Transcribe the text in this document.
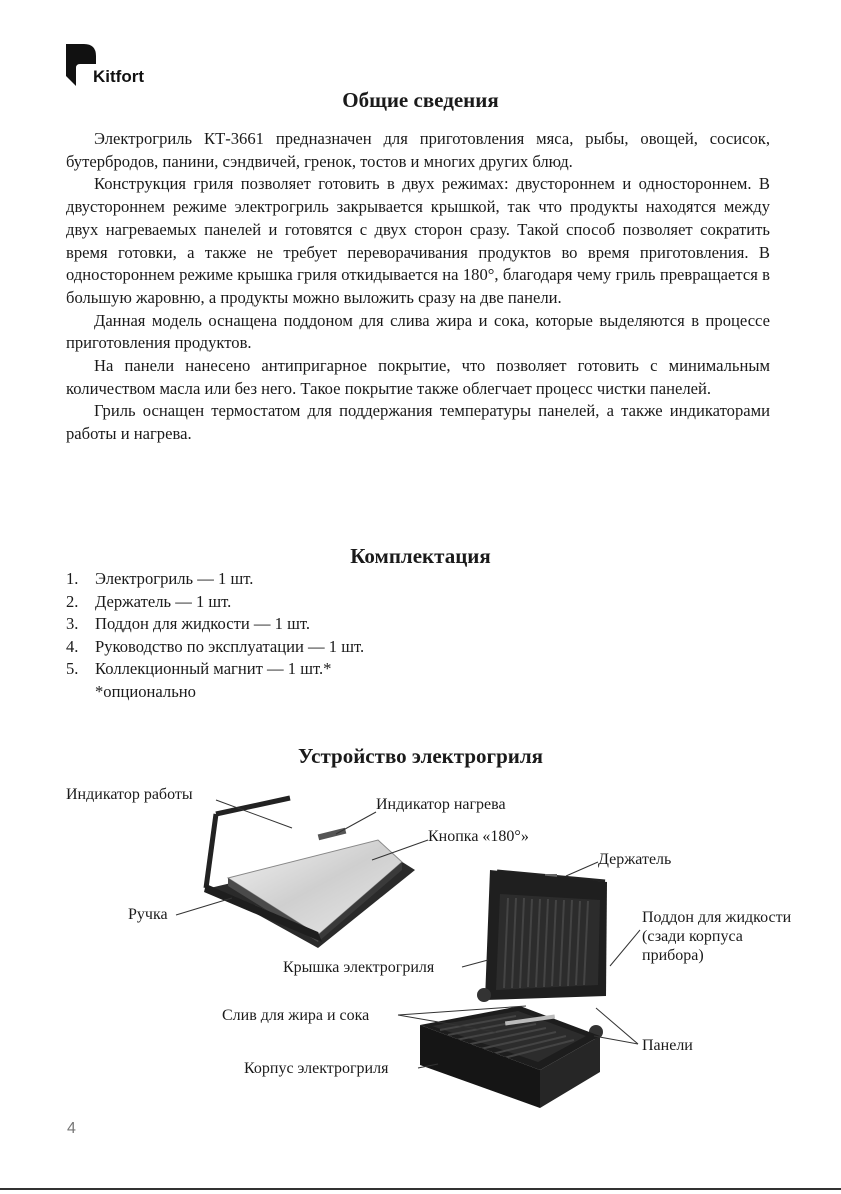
Kitfort
Общие сведения

Электрогриль КТ-3661 предназначен для приготовления мяса, рыбы, овощей, сосисок, бутербродов, панини, сэндвичей, гренок, тостов и многих других блюд.

Конструкция гриля позволяет готовить в двух режимах: двустороннем и одностороннем. В двустороннем режиме электрогриль закрывается крышкой, так что продукты находятся между двух нагреваемых панелей и готовятся с двух сторон сразу. Такой способ позволяет сократить время готовки, а также не требует переворачивания продуктов во время приготовления. В одностороннем режиме крышка гриля откидывается на 180°, благодаря чему гриль превращается в большую жаровню, а продукты можно выложить сразу на две панели.

Данная модель оснащена поддоном для слива жира и сока, которые выделяются в процессе приготовления продуктов.

На панели нанесено антипригарное покрытие, что позволяет готовить с минимальным количеством масла или без него. Такое покрытие также облегчает процесс чистки панелей.

Гриль оснащен термостатом для поддержания температуры панелей, а также индикаторами работы и нагрева.

Комплектация
1. Электрогриль — 1 шт.
2. Держатель — 1 шт.
3. Поддон для жидкости — 1 шт.
4. Руководство по эксплуатации — 1 шт.
5. Коллекционный магнит — 1 шт.*
*опционально
Устройство электрогриля
Индикатор работы
Индикатор нагрева
Кнопка «180°»
Держатель
Ручка	Поддон для жидкости (сзади корпуса прибора)
Крышка электрогриля
Слив для жира и сока
Панели
Корпус электрогриля
4
